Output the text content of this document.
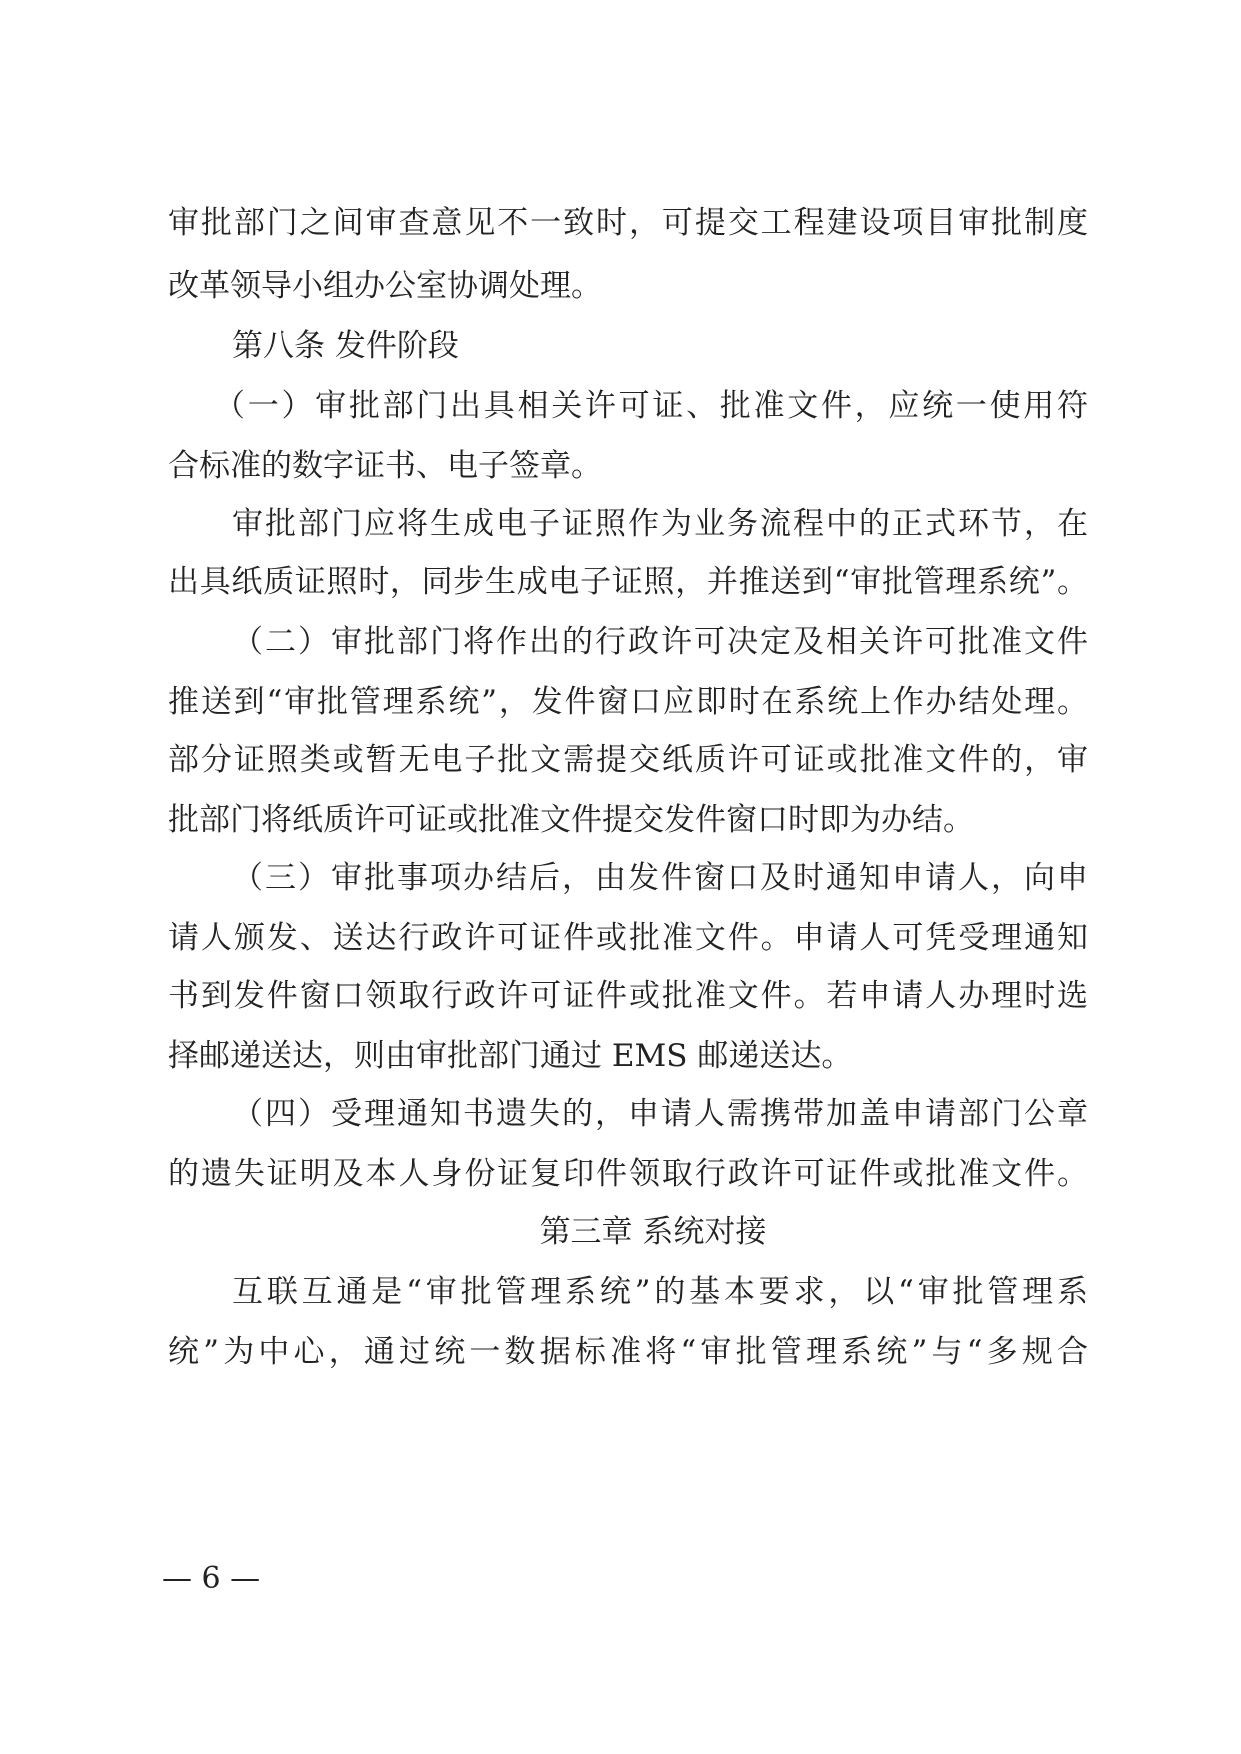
审批部门之间审查意见不一致时，可提交工程建设项目审批制度
改革领导小组办公室协调处理。
第八条 发件阶段
（一）审批部门出具相关许可证、批准文件，应统一使用符
合标准的数字证书、电子签章。
审批部门应将生成电子证照作为业务流程中的正式环节，在
出具纸质证照时，同步生成电子证照，并推送到“审批管理系统”。
（二）审批部门将作出的行政许可决定及相关许可批准文件
推送到“审批管理系统”，发件窗口应即时在系统上作办结处理。
部分证照类或暂无电子批文需提交纸质许可证或批准文件的，审
批部门将纸质许可证或批准文件提交发件窗口时即为办结。
（三）审批事项办结后，由发件窗口及时通知申请人，向申
请人颁发、送达行政许可证件或批准文件。申请人可凭受理通知
书到发件窗口领取行政许可证件或批准文件。若申请人办理时选
择邮递送达，则由审批部门通过 EMS 邮递送达。
（四）受理通知书遗失的，申请人需携带加盖申请部门公章
的遗失证明及本人身份证复印件领取行政许可证件或批准文件。
第三章 系统对接
互联互通是“审批管理系统”的基本要求，以“审批管理系
统”为中心，通过统一数据标准将“审批管理系统”与“多规合
— 6 —
